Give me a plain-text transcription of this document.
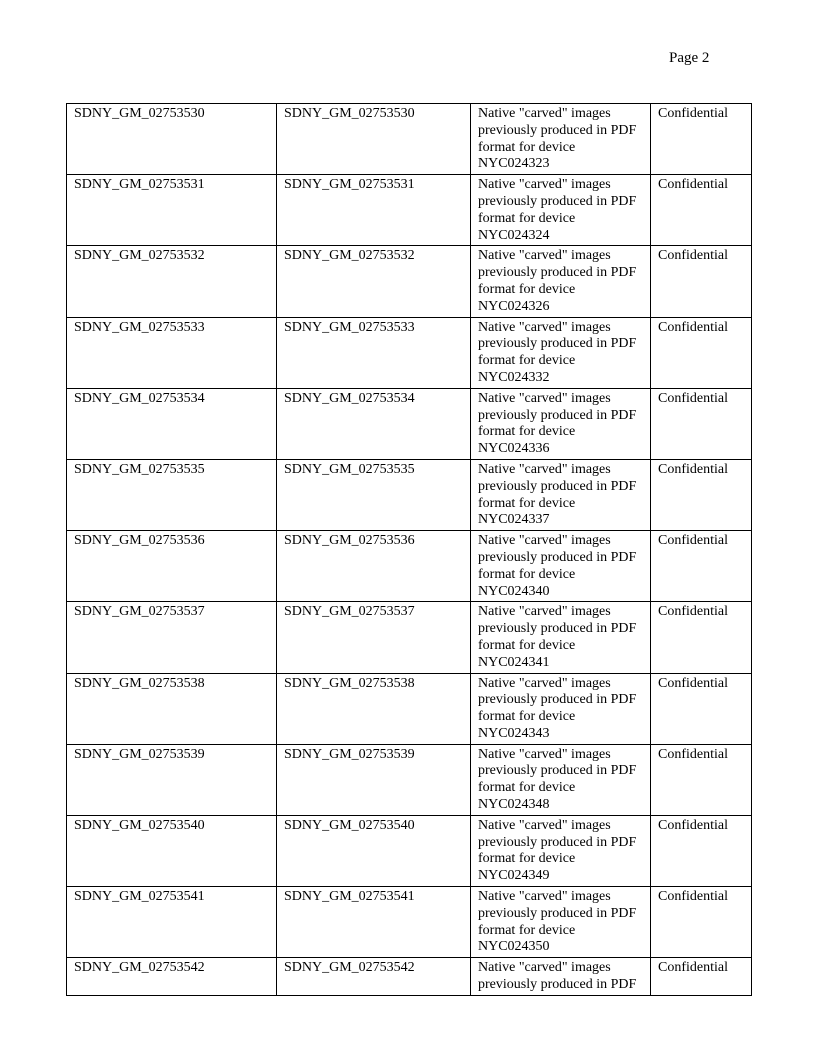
Page 2
SDNY_GM_02753530	SDNY_GM_02753530	Native "carved" images
previously produced in PDF
format for device
NYC024323	Confidential
SDNY_GM_02753531	SDNY_GM_02753531	Native "carved" images
previously produced in PDF
format for device
NYC024324	Confidential
SDNY_GM_02753532	SDNY_GM_02753532	Native "carved" images
previously produced in PDF
format for device
NYC024326	Confidential
SDNY_GM_02753533	SDNY_GM_02753533	Native "carved" images
previously produced in PDF
format for device
NYC024332	Confidential
SDNY_GM_02753534	SDNY_GM_02753534	Native "carved" images
previously produced in PDF
format for device
NYC024336	Confidential
SDNY_GM_02753535	SDNY_GM_02753535	Native "carved" images
previously produced in PDF
format for device
NYC024337	Confidential
SDNY_GM_02753536	SDNY_GM_02753536	Native "carved" images
previously produced in PDF
format for device
NYC024340	Confidential
SDNY_GM_02753537	SDNY_GM_02753537	Native "carved" images
previously produced in PDF
format for device
NYC024341	Confidential
SDNY_GM_02753538	SDNY_GM_02753538	Native "carved" images
previously produced in PDF
format for device
NYC024343	Confidential
SDNY_GM_02753539	SDNY_GM_02753539	Native "carved" images
previously produced in PDF
format for device
NYC024348	Confidential
SDNY_GM_02753540	SDNY_GM_02753540	Native "carved" images
previously produced in PDF
format for device
NYC024349	Confidential
SDNY_GM_02753541	SDNY_GM_02753541	Native "carved" images
previously produced in PDF
format for device
NYC024350	Confidential
SDNY_GM_02753542	SDNY_GM_02753542	Native "carved" images
previously produced in PDF	Confidential
